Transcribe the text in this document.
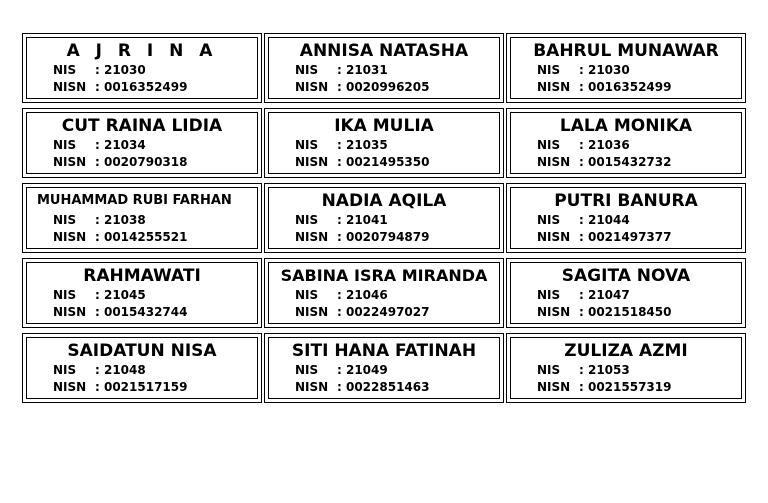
A J R I N A
NIS : 21030
NISN : 0016352499
ANNISA NATASHA
NIS : 21031
NISN : 0020996205
BAHRUL MUNAWAR
NIS : 21030
NISN : 0016352499
CUT RAINA LIDIA
NIS : 21034
NISN : 0020790318
IKA MULIA
NIS : 21035
NISN : 0021495350
LALA MONIKA
NIS : 21036
NISN : 0015432732
MUHAMMAD RUBI FARHAN
NIS : 21038
NISN : 0014255521
NADIA AQILA
NIS : 21041
NISN : 0020794879
PUTRI BANURA
NIS : 21044
NISN : 0021497377
RAHMAWATI
NIS : 21045
NISN : 0015432744
SABINA ISRA MIRANDA
NIS : 21046
NISN : 0022497027
SAGITA NOVA
NIS : 21047
NISN : 0021518450
SAIDATUN NISA
NIS : 21048
NISN : 0021517159
SITI HANA FATINAH
NIS : 21049
NISN : 0022851463
ZULIZA AZMI
NIS : 21053
NISN : 0021557319
